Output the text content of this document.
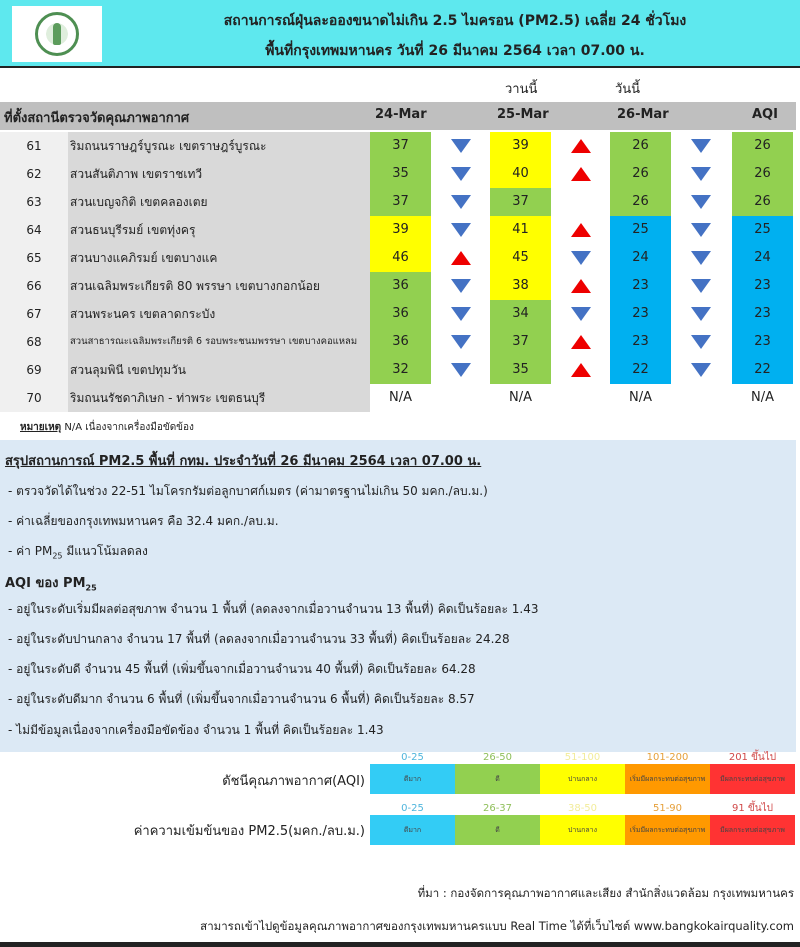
สถานการณ์ฝุ่นละอองขนาดไม่เกิน 2.5 ไมครอน (PM2.5) เฉลี่ย 24 ชั่วโมง
พื้นที่กรุงเทพมหานคร วันที่ 26 มีนาคม 2564 เวลา 07.00 น.
วานนี้	วันนี้
ที่ตั้งสถานีตรวจวัดคุณภาพอากาศ	24-Mar	25-Mar	26-Mar	AQI
61	ริมถนนราษฎร์บูรณะ เขตราษฎร์บูรณะ	37	39	26	26
62	สวนสันติภาพ เขตราชเทวี	35	40	26	26
63	สวนเบญจกิติ เขตคลองเตย	37	37	26	26
64	สวนธนบุรีรมย์ เขตทุ่งครุ	39	41	25	25
65	สวนบางแคภิรมย์ เขตบางแค	46	45	24	24
66	สวนเฉลิมพระเกียรติ 80 พรรษา เขตบางกอกน้อย	36	38	23	23
67	สวนพระนคร เขตลาดกระบัง	36	34	23	23
68	สวนสาธารณะเฉลิมพระเกียรติ 6 รอบพระชนมพรรษา เขตบางคอแหลม	36	37	23	23
69	สวนลุมพินี เขตปทุมวัน	32	35	22	22
70	ริมถนนรัชดาภิเษก - ท่าพระ เขตธนบุรี	N/A	N/A	N/A	N/A
หมายเหตุ N/A เนื่องจากเครื่องมือขัดข้อง
สรุปสถานการณ์ PM2.5 พื้นที่ กทม. ประจำวันที่ 26 มีนาคม 2564 เวลา 07.00 น.
- ตรวจวัดได้ในช่วง 22-51 ไมโครกรัมต่อลูกบาศก์เมตร (ค่ามาตรฐานไม่เกิน 50 มคก./ลบ.ม.)
- ค่าเฉลี่ยของกรุงเทพมหานคร คือ 32.4 มคก./ลบ.ม.
- ค่า $PM_{25}$ มีแนวโน้มลดลง
AQI ของ $PM_{25}$
- อยู่ในระดับเริ่มมีผลต่อสุขภาพ จำนวน 1 พื้นที่ (ลดลงจากเมื่อวานจำนวน 13 พื้นที่) คิดเป็นร้อยละ 1.43
- อยู่ในระดับปานกลาง จำนวน 17 พื้นที่ (ลดลงจากเมื่อวานจำนวน 33 พื้นที่) คิดเป็นร้อยละ 24.28
- อยู่ในระดับดี จำนวน 45 พื้นที่ (เพิ่มขึ้นจากเมื่อวานจำนวน 40 พื้นที่) คิดเป็นร้อยละ 64.28
- อยู่ในระดับดีมาก จำนวน 6 พื้นที่ (เพิ่มขึ้นจากเมื่อวานจำนวน 6 พื้นที่) คิดเป็นร้อยละ 8.57
- ไม่มีข้อมูลเนื่องจากเครื่องมือขัดข้อง จำนวน 1 พื้นที่ คิดเป็นร้อยละ 1.43
ดัชนีคุณภาพอากาศ(AQI)
ค่าความเข้มข้นของ PM2.5(มคก./ลบ.ม.)
0-25
ดีมาก
26-50
ดี
51-100
ปานกลาง
101-200
เริ่มมีผลกระทบต่อสุขภาพ
201 ขึ้นไป
มีผลกระทบต่อสุขภาพ
0-25
ดีมาก
26-37
ดี
38-50
ปานกลาง
51-90
เริ่มมีผลกระทบต่อสุขภาพ
91 ขึ้นไป
มีผลกระทบต่อสุขภาพ
ที่มา : กองจัดการคุณภาพอากาศและเสียง สำนักสิ่งแวดล้อม กรุงเทพมหานคร
สามารถเข้าไปดูข้อมูลคุณภาพอากาศของกรุงเทพมหานครแบบ Real Time ได้ที่เว็บไซต์ www.bangkokairquality.com
